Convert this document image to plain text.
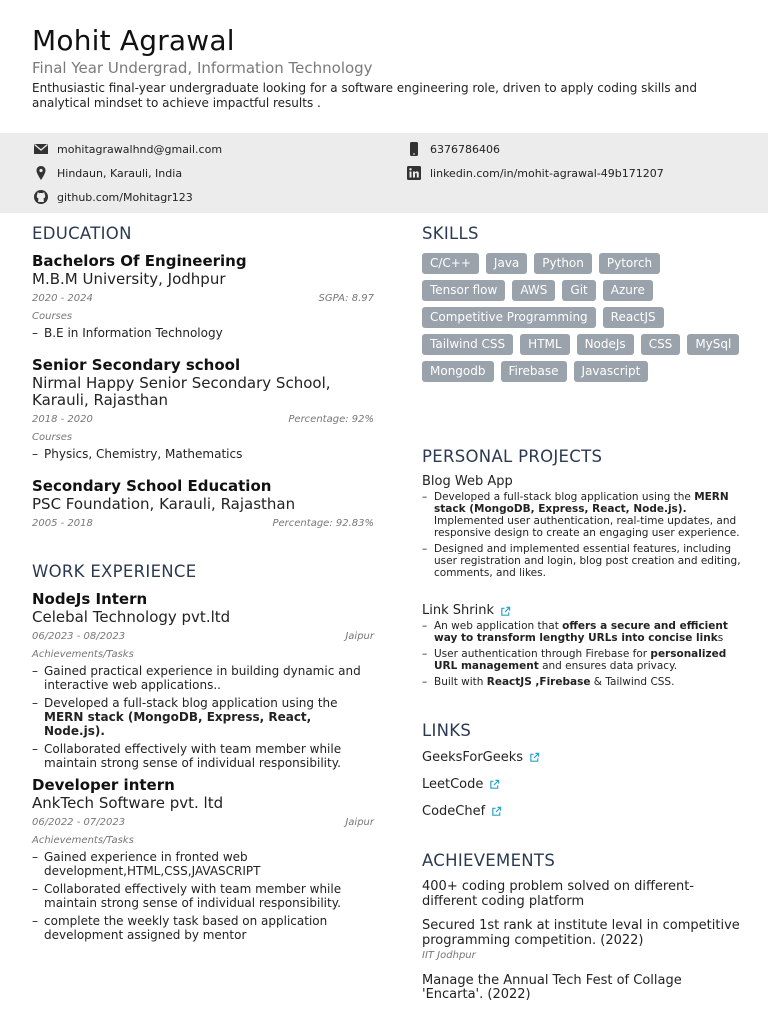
Mohit Agrawal
Final Year Undergrad, Information Technology
Enthusiastic final-year undergraduate looking for a software engineering role, driven to apply coding skills and analytical mindset to achieve impactful results .
mohitagrawalhnd@gmail.com
Hindaun, Karauli, India
github.com/Mohitagr123
6376786406
linkedin.com/in/mohit-agrawal-49b171207
EDUCATION
Bachelors Of Engineering
M.B.M University, Jodhpur
2020 - 2024	SGPA: 8.97
Courses
– B.E in Information Technology
Senior Secondary school
Nirmal Happy Senior Secondary School, Karauli, Rajasthan
2018 - 2020	Percentage: 92%
Courses
– Physics, Chemistry, Mathematics
Secondary School Education
PSC Foundation, Karauli, Rajasthan
2005 - 2018	Percentage: 92.83%
WORK EXPERIENCE
NodeJs Intern
Celebal Technology pvt.ltd
06/2023 - 08/2023	Jaipur
Achievements/Tasks
– Gained practical experience in building dynamic and interactive web applications..
– Developed a full-stack blog application using the
MERN stack (MongoDB, Express, React, Node.js).
– Collaborated effectively with team member while maintain strong sense of individual responsibility.
Developer intern
AnkTech Software pvt. ltd
06/2022 - 07/2023	Jaipur
Achievements/Tasks
– Gained experience in fronted web development,HTML,CSS,JAVASCRIPT
– Collaborated effectively with team member while maintain strong sense of individual responsibility.
– complete the weekly task based on application development assigned by mentor
SKILLS
C/C++	Java	Python	Pytorch
Tensor flow	AWS	Git	Azure
Competitive Programming	ReactJS
Tailwind CSS	HTML	NodeJs	CSS	MySql
Mongodb	Firebase	Javascript
PERSONAL PROJECTS
Blog Web App
– Developed a full-stack blog application using the MERN stack (MongoDB, Express, React, Node.js). Implemented user authentication, real-time updates, and responsive design to create an engaging user experience.
– Designed and implemented essential features, including user registration and login, blog post creation and editing, comments, and likes.
Link Shrink
– An web application that offers a secure and efficient way to transform lengthy URLs into concise links
– User authentication through Firebase for personalized URL management and ensures data privacy.
– Built with ReactJS ,Firebase & Tailwind CSS.
LINKS
GeeksForGeeks
LeetCode
CodeChef
ACHIEVEMENTS
400+ coding problem solved on different- different coding platform
Secured 1st rank at institute leval in competitive programming competition. (2022)
IIT Jodhpur
Manage the Annual Tech Fest of Collage 'Encarta'. (2022)
